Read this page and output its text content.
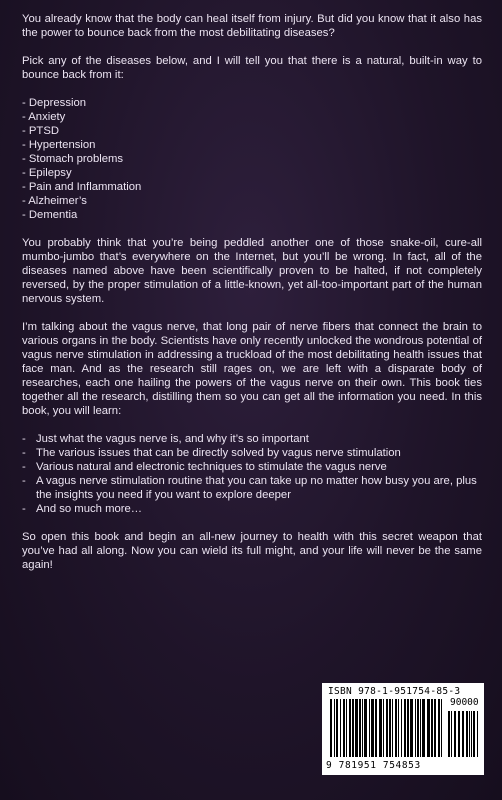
You already know that the body can heal itself from injury. But did you know that it also has the power to bounce back from the most debilitating diseases?

Pick any of the diseases below, and I will tell you that there is a natural, built-in way to bounce back from it:

- Depression
- Anxiety
- PTSD
- Hypertension
- Stomach problems
- Epilepsy
- Pain and Inflammation
- Alzheimer’s
- Dementia

You probably think that you’re being peddled another one of those snake-oil, cure-all mumbo-jumbo that’s everywhere on the Internet, but you’ll be wrong. In fact, all of the diseases named above have been scientifically proven to be halted, if not completely reversed, by the proper stimulation of a little-known, yet all-too-important part of the human nervous system.

I’m talking about the vagus nerve, that long pair of nerve fibers that connect the brain to various organs in the body. Scientists have only recently unlocked the wondrous potential of vagus nerve stimulation in addressing a truckload of the most debilitating health issues that face man. And as the research still rages on, we are left with a disparate body of researches, each one hailing the powers of the vagus nerve on their own. This book ties together all the research, distilling them so you can get all the information you need. In this book, you will learn:

- Just what the vagus nerve is, and why it’s so important
- The various issues that can be directly solved by vagus nerve stimulation
- Various natural and electronic techniques to stimulate the vagus nerve
- A vagus nerve stimulation routine that you can take up no matter how busy you are, plus the insights you need if you want to explore deeper
- And so much more…

So open this book and begin an all-new journey to health with this secret weapon that you’ve had all along. Now you can wield its full might, and your life will never be the same again!

ISBN 978-1-951754-85-3
90000
9 781951 754853
